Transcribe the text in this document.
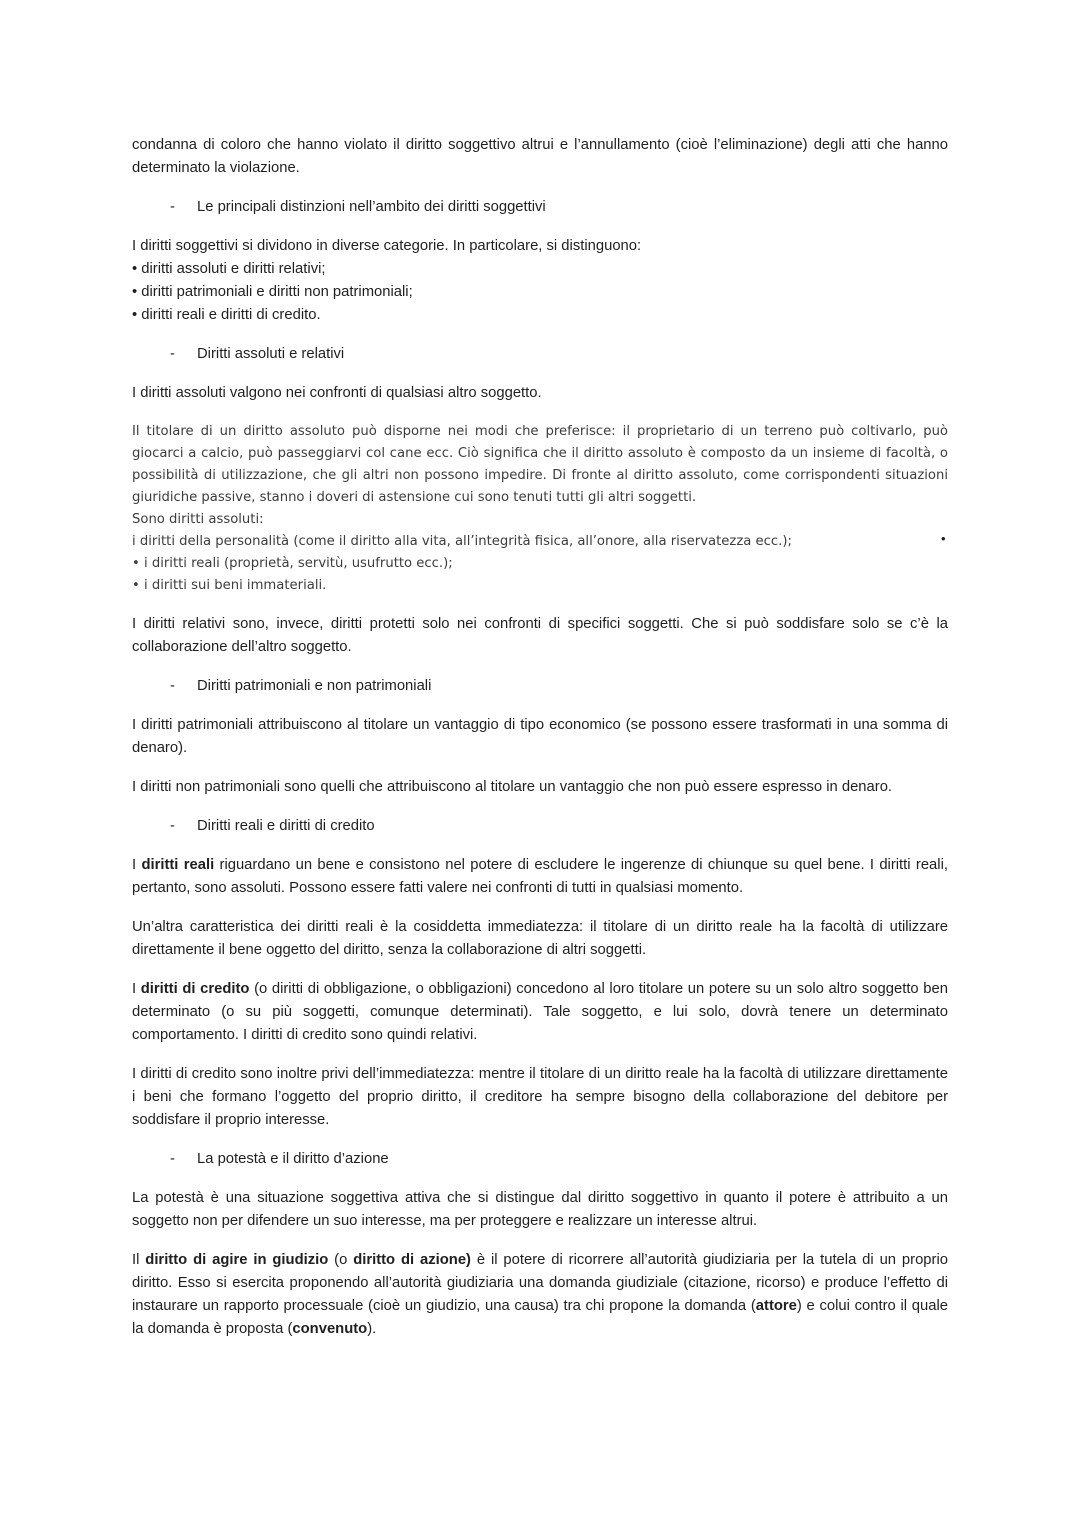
condanna di coloro che hanno violato il diritto soggettivo altrui e l’annullamento (cioè l’eliminazione) degli atti che hanno determinato la violazione.

- Le principali distinzioni nell’ambito dei diritti soggettivi

I diritti soggettivi si dividono in diverse categorie. In particolare, si distinguono:

• diritti assoluti e diritti relativi;
• diritti patrimoniali e diritti non patrimoniali;
• diritti reali e diritti di credito.
- Diritti assoluti e relativi

I diritti assoluti valgono nei confronti di qualsiasi altro soggetto.

Il titolare di un diritto assoluto può disporne nei modi che preferisce: il proprietario di un terreno può coltivarlo, può giocarci a calcio, può passeggiarvi col cane ecc. Ciò significa che il diritto assoluto è composto da un insieme di facoltà, o possibilità di utilizzazione, che gli altri non possono impedire. Di fronte al diritto assoluto, come corrispondenti situazioni giuridiche passive, stanno i doveri di astensione cui sono tenuti tutti gli altri soggetti.

Sono diritti assoluti:
i diritti della personalità (come il diritto alla vita, all’integrità fisica, all’onore, alla riservatezza ecc.);
• i diritti reali (proprietà, servitù, usufrutto ecc.);
• i diritti sui beni immateriali.

I diritti relativi sono, invece, diritti protetti solo nei confronti di specifici soggetti. Che si può soddisfare solo se c’è la collaborazione dell’altro soggetto.

- Diritti patrimoniali e non patrimoniali

I diritti patrimoniali attribuiscono al titolare un vantaggio di tipo economico (se possono essere trasformati in una somma di denaro).

I diritti non patrimoniali sono quelli che attribuiscono al titolare un vantaggio che non può essere espresso in denaro.

- Diritti reali e diritti di credito

I diritti reali riguardano un bene e consistono nel potere di escludere le ingerenze di chiunque su quel bene. I diritti reali, pertanto, sono assoluti. Possono essere fatti valere nei confronti di tutti in qualsiasi momento.

Un’altra caratteristica dei diritti reali è la cosiddetta immediatezza: il titolare di un diritto reale ha la facoltà di utilizzare direttamente il bene oggetto del diritto, senza la collaborazione di altri soggetti.

I diritti di credito (o diritti di obbligazione, o obbligazioni) concedono al loro titolare un potere su un solo altro soggetto ben determinato (o su più soggetti, comunque determinati). Tale soggetto, e lui solo, dovrà tenere un determinato comportamento. I diritti di credito sono quindi relativi.

I diritti di credito sono inoltre privi dell’immediatezza: mentre il titolare di un diritto reale ha la facoltà di utilizzare direttamente i beni che formano l’oggetto del proprio diritto, il creditore ha sempre bisogno della collaborazione del debitore per soddisfare il proprio interesse.

- La potestà e il diritto d’azione

La potestà è una situazione soggettiva attiva che si distingue dal diritto soggettivo in quanto il potere è attribuito a un soggetto non per difendere un suo interesse, ma per proteggere e realizzare un interesse altrui.

Il diritto di agire in giudizio (o diritto di azione) è il potere di ricorrere all’autorità giudiziaria per la tutela di un proprio diritto. Esso si esercita proponendo all’autorità giudiziaria una domanda giudiziale (citazione, ricorso) e produce l’effetto di instaurare un rapporto processuale (cioè un giudizio, una causa) tra chi propone la domanda (attore) e colui contro il quale la domanda è proposta (convenuto).

•
